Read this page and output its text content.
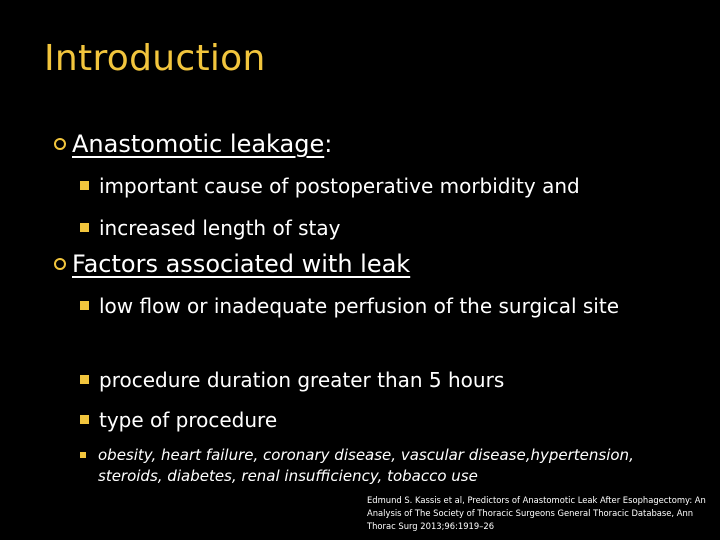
Introduction
Anastomotic leakage :
important cause of postoperative morbidity and
increased length of stay
Factors associated with leak
low flow or inadequate perfusion of the surgical site
procedure duration greater than 5 hours
type of procedure
obesity, heart failure, coronary disease, vascular disease,hypertension, steroids, diabetes, renal insufficiency, tobacco use
Edmund S. Kassis et al, Predictors of Anastomotic Leak After Esophagectomy: An Analysis of The Society of Thoracic Surgeons General Thoracic Database, Ann Thorac Surg 2013;96:1919–26
